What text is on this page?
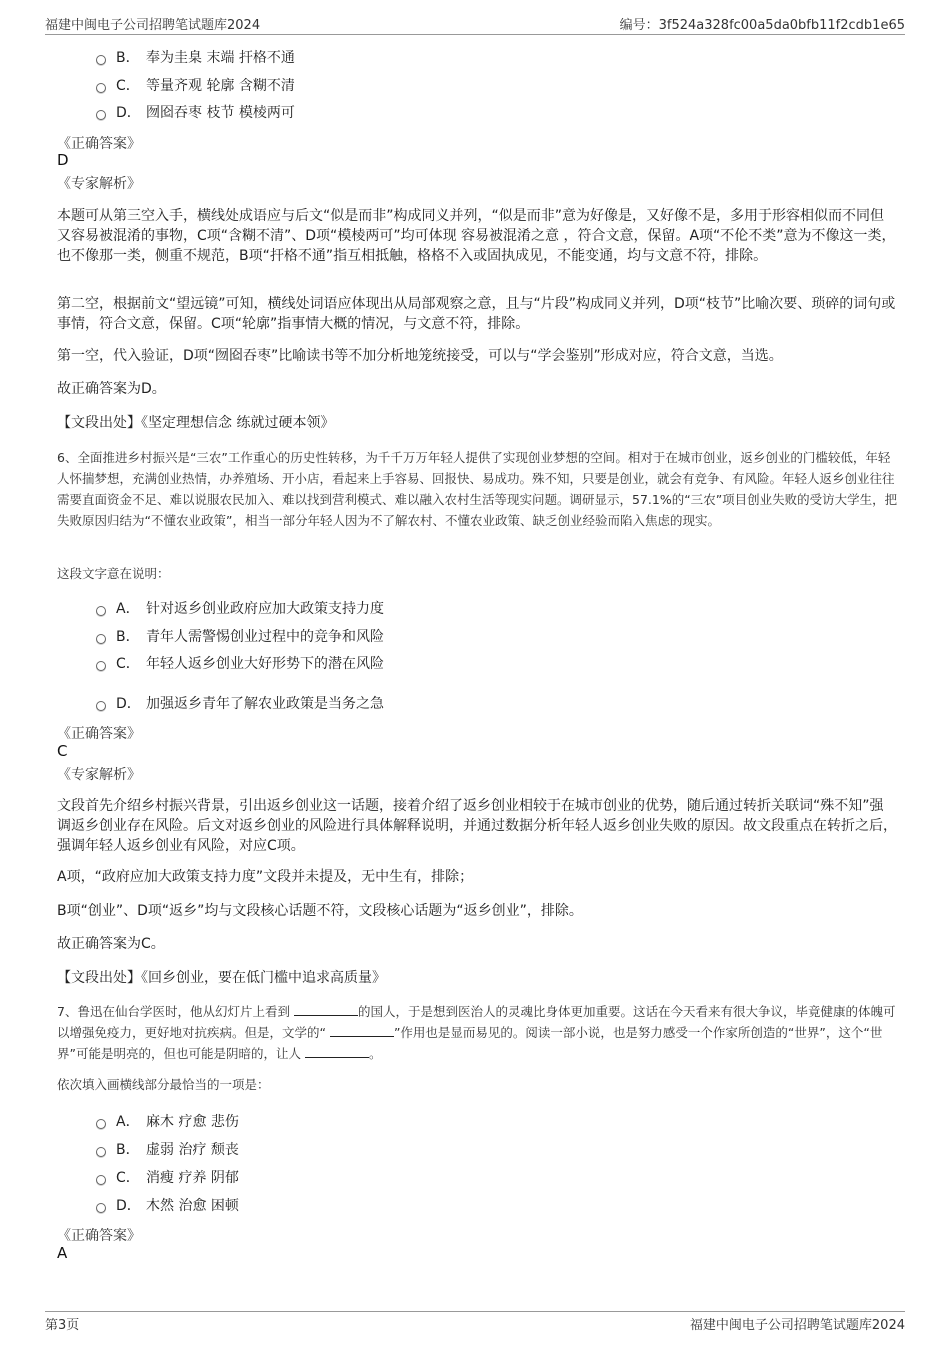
福建中闽电子公司招聘笔试题库2024	编号：3f524a328fc00a5da0bfb11f2cdb1e65
B． 奉为圭臬 末端 扞格不通
C． 等量齐观 轮廓 含糊不清
D． 囫囵吞枣 枝节 模棱两可
《正确答案》
D
《专家解析》
本题可从第三空入手，横线处成语应与后文“似是而非”构成同义并列，“似是而非”意为好像是，又好像不是，多用于形容相似而不同但又容易被混淆的事物，C项“含糊不清”、D项“模棱两可”均可体现 容易被混淆之意 ，符合文意，保留。A项“不伦不类”意为不像这一类，也不像那一类，侧重不规范，B项“扞格不通”指互相抵触，格格不入或固执成见，不能变通，均与文意不符，排除。
第二空，根据前文“望远镜”可知，横线处词语应体现出从局部观察之意，且与“片段”构成同义并列，D项“枝节”比喻次要、琐碎的词句或事情，符合文意，保留。C项“轮廓”指事情大概的情况，与文意不符，排除。
第一空，代入验证，D项“囫囵吞枣”比喻读书等不加分析地笼统接受，可以与“学会鉴别”形成对应，符合文意，当选。
故正确答案为D。
【文段出处】《坚定理想信念 练就过硬本领》
6、全面推进乡村振兴是“三农”工作重心的历史性转移，为千千万万年轻人提供了实现创业梦想的空间。相对于在城市创业，返乡创业的门槛较低，年轻人怀揣梦想，充满创业热情，办养殖场、开小店，看起来上手容易、回报快、易成功。殊不知，只要是创业，就会有竞争、有风险。年轻人返乡创业往往需要直面资金不足、难以说服农民加入、难以找到营利模式、难以融入农村生活等现实问题。调研显示，57.1%的“三农”项目创业失败的受访大学生，把失败原因归结为“不懂农业政策”，相当一部分年轻人因为不了解农村、不懂农业政策、缺乏创业经验而陷入焦虑的现实。
这段文字意在说明：
A． 针对返乡创业政府应加大政策支持力度
B． 青年人需警惕创业过程中的竞争和风险
C． 年轻人返乡创业大好形势下的潜在风险
D． 加强返乡青年了解农业政策是当务之急
《正确答案》
C
《专家解析》
文段首先介绍乡村振兴背景，引出返乡创业这一话题，接着介绍了返乡创业相较于在城市创业的优势，随后通过转折关联词“殊不知”强调返乡创业存在风险。后文对返乡创业的风险进行具体解释说明，并通过数据分析年轻人返乡创业失败的原因。故文段重点在转折之后，强调年轻人返乡创业有风险，对应C项。
A项，“政府应加大政策支持力度”文段并未提及，无中生有，排除；
B项“创业”、D项“返乡”均与文段核心话题不符，文段核心话题为“返乡创业”，排除。
故正确答案为C。
【文段出处】《回乡创业，要在低门槛中追求高质量》
7、鲁迅在仙台学医时，他从幻灯片上看到	的国人，于是想到医治人的灵魂比身体更加重要。这话在今天看来有很大争议，毕竟健康的体魄可以增强免疫力，更好地对抗疾病。但是，文学的“	”作用也是显而易见的。阅读一部小说，也是努力感受一个作家所创造的“世界”，这个“世界”可能是明亮的，但也可能是阴暗的，让人	。
依次填入画横线部分最恰当的一项是：
A． 麻木 疗愈 悲伤
B． 虚弱 治疗 颓丧
C． 消瘦 疗养 阴郁
D． 木然 治愈 困顿
《正确答案》
A
第3页	福建中闽电子公司招聘笔试题库2024
